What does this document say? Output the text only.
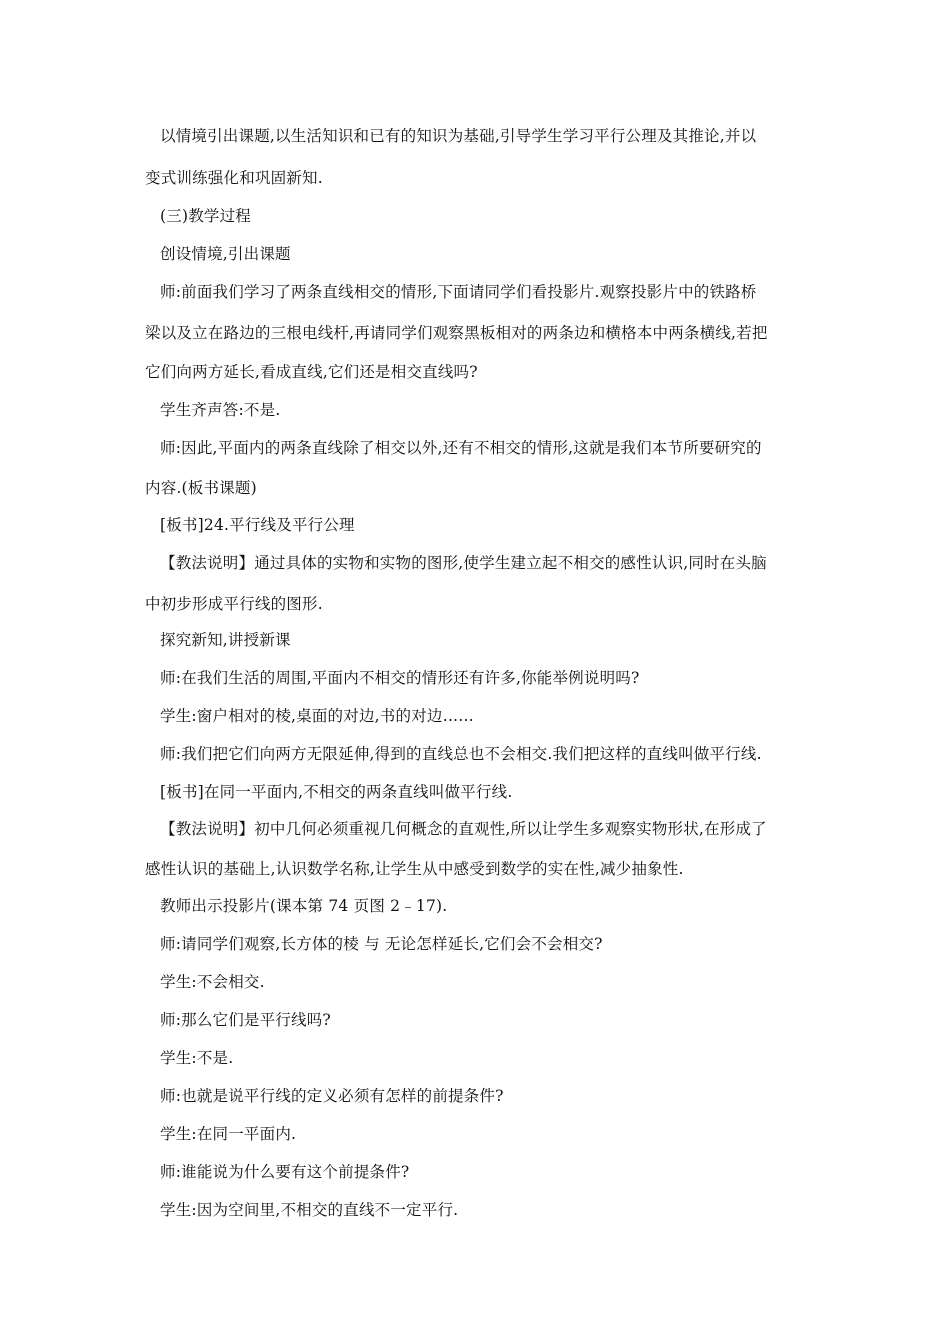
以情境引出课题,以生活知识和已有的知识为基础,引导学生学习平行公理及其推论,并以
变式训练强化和巩固新知.
(三)教学过程
创设情境,引出课题
师:前面我们学习了两条直线相交的情形,下面请同学们看投影片.观察投影片中的铁路桥
梁以及立在路边的三根电线杆,再请同学们观察黑板相对的两条边和横格本中两条横线,若把
它们向两方延长,看成直线,它们还是相交直线吗?
学生齐声答:不是.
师:因此,平面内的两条直线除了相交以外,还有不相交的情形,这就是我们本节所要研究的
内容.(板书课题)
[板书]24.平行线及平行公理
【教法说明】通过具体的实物和实物的图形,使学生建立起不相交的感性认识,同时在头脑
中初步形成平行线的图形.
探究新知,讲授新课
师:在我们生活的周围,平面内不相交的情形还有许多,你能举例说明吗?
学生:窗户相对的棱,桌面的对边,书的对边……
师:我们把它们向两方无限延伸,得到的直线总也不会相交.我们把这样的直线叫做平行线.
[板书]在同一平面内,不相交的两条直线叫做平行线.
【教法说明】初中几何必须重视几何概念的直观性,所以让学生多观察实物形状,在形成了
感性认识的基础上,认识数学名称,让学生从中感受到数学的实在性,减少抽象性.
教师出示投影片(课本第 74 页图 2﹣17).
师:请同学们观察,长方体的棱 与 无论怎样延长,它们会不会相交?
学生:不会相交.
师:那么它们是平行线吗?
学生:不是.
师:也就是说平行线的定义必须有怎样的前提条件?
学生:在同一平面内.
师:谁能说为什么要有这个前提条件?
学生:因为空间里,不相交的直线不一定平行.
